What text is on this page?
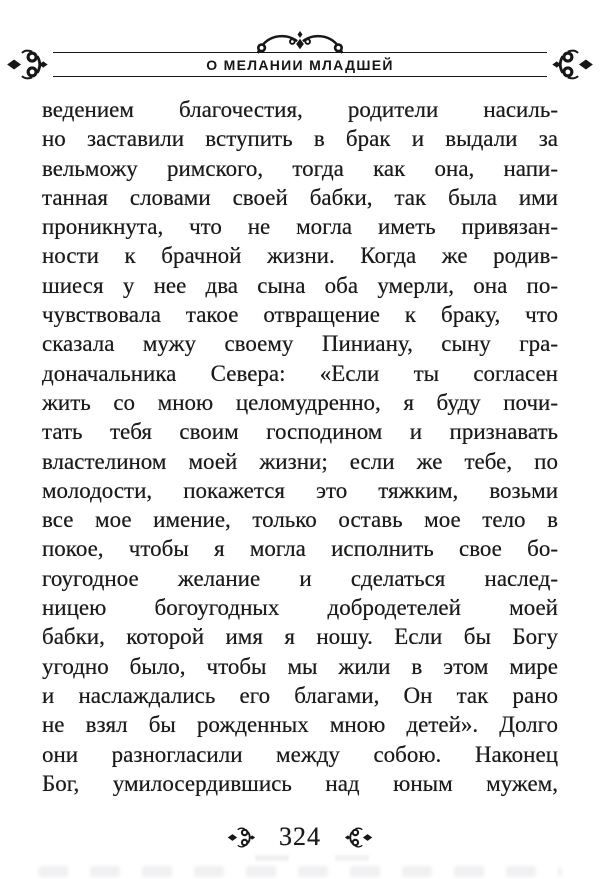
О МЕЛАНИИ МЛАДШЕЙ
ведением благочестия, родители насиль-
но заставили вступить в брак и выдали за
вельможу римского, тогда как она, напи-
танная словами своей бабки, так была ими
проникнута, что не могла иметь привязан-
ности к брачной жизни. Когда же родив-
шиеся у нее два сына оба умерли, она по-
чувствовала такое отвращение к браку, что
сказала мужу своему Пиниану, сыну гра-
доначальника Севера: «Если ты согласен
жить со мною целомудренно, я буду почи-
тать тебя своим господином и признавать
властелином моей жизни; если же тебе, по
молодости, покажется это тяжким, возьми
все мое имение, только оставь мое тело в
покое, чтобы я могла исполнить свое бо-
гоугодное желание и сделаться наслед-
ницею богоугодных добродетелей моей
бабки, которой имя я ношу. Если бы Богу
угодно было, чтобы мы жили в этом мире
и наслаждались его благами, Он так рано
не взял бы рожденных мною детей». Долго
они разногласили между собою. Наконец
Бог, умилосердившись над юным мужем,
324
